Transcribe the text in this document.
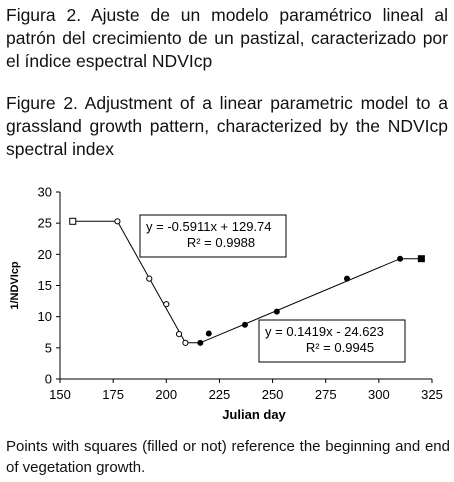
Figura 2. Ajuste de un modelo paramétrico lineal al patrón del crecimiento de un pastizal, caracterizado por el índice espectral NDVIcp
Figure 2. Adjustment of a linear parametric model to a grassland growth pattern, characterized by the NDVIcp spectral index
0
5
10
15
20
25
30
150 175 200 225 250 275 300 325
Julian day
1/NDVIcp
y = -0.5911x + 129.74
R² = 0.9988
y = 0.1419x - 24.623
R² = 0.9945
Points with squares (filled or not) reference the beginning and end of vegetation growth.
